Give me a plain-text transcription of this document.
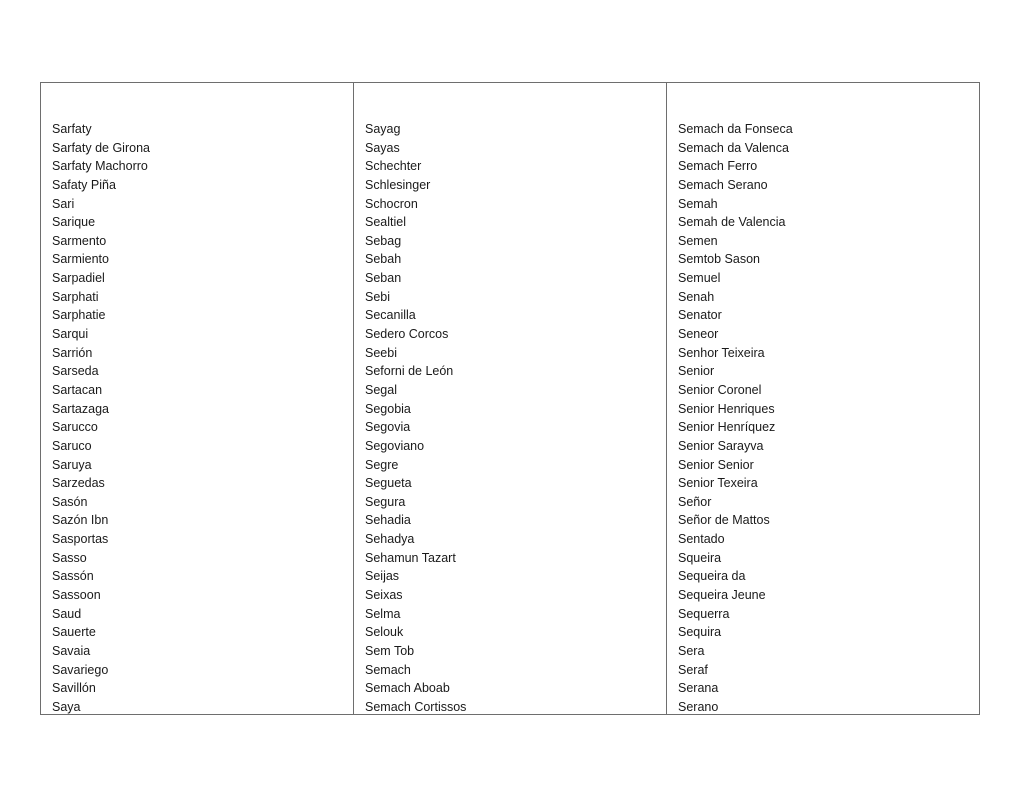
Sarfaty
Sarfaty de Girona
Sarfaty Machorro
Safaty Piña
Sari
Sarique
Sarmento
Sarmiento
Sarpadiel
Sarphati
Sarphatie
Sarqui
Sarrión
Sarseda
Sartacan
Sartazaga
Sarucco
Saruco
Saruya
Sarzedas
Sasón
Sazón Ibn
Sasportas
Sasso
Sassón
Sassoon
Saud
Sauerte
Savaia
Savariego
Savillón
Saya
Sayag
Sayas
Schechter
Schlesinger
Schocron
Sealtiel
Sebag
Sebah
Seban
Sebi
Secanilla
Sedero Corcos
Seebi
Seforni de León
Segal
Segobia
Segovia
Segoviano
Segre
Segueta
Segura
Sehadia
Sehadya
Sehamun Tazart
Seijas
Seixas
Selma
Selouk
Sem Tob
Semach
Semach Aboab
Semach Cortissos
Semach da Fonseca
Semach da Valenca
Semach Ferro
Semach Serano
Semah
Semah de Valencia
Semen
Semtob Sason
Semuel
Senah
Senator
Seneor
Senhor Teixeira
Senior
Senior Coronel
Senior Henriques
Senior Henríquez
Senior Sarayva
Senior Senior
Senior Texeira
Señor
Señor de Mattos
Sentado
Squeira
Sequeira da
Sequeira Jeune
Sequerra
Sequira
Sera
Seraf
Serana
Serano
